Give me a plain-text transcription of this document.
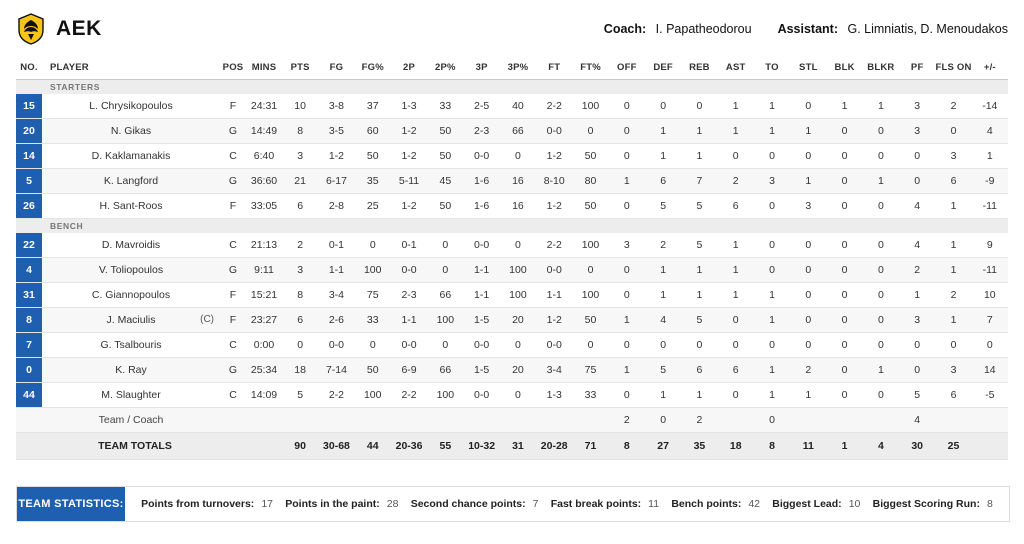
AEK	Coach: I. Papatheodorou Assistant: G. Limniatis, D. Menoudakos
NO.	PLAYER	POS	MINS	PTS	FG	FG%	2P	2P%	3P	3P%	FT	FT%	OFF	DEF	REB	AST	TO	STL	BLK	BLKR	PF	FLS ON	+/-

	STARTERS																						

15	L. Chrysikopoulos	F	24:31	10	3-8	37	1-3	33	2-5	40	2-2	100	0	0	0	1	1	0	1	1	3	2	-14

20	N. Gikas	G	14:49	8	3-5	60	1-2	50	2-3	66	0-0	0	0	1	1	1	1	1	0	0	3	0	4

14	D. Kaklamanakis	C	6:40	3	1-2	50	1-2	50	0-0	0	1-2	50	0	1	1	0	0	0	0	0	0	3	1

5	K. Langford	G	36:60	21	6-17	35	5-11	45	1-6	16	8-10	80	1	6	7	2	3	1	0	1	0	6	-9

26	H. Sant-Roos	F	33:05	6	2-8	25	1-2	50	1-6	16	1-2	50	0	5	5	6	0	3	0	0	4	1	-11

	BENCH																						

22	D. Mavroidis	C	21:13	2	0-1	0	0-1	0	0-0	0	2-2	100	3	2	5	1	0	0	0	0	4	1	9

4	V. Toliopoulos	G	9:11	3	1-1	100	0-0	0	1-1	100	0-0	0	0	1	1	1	0	0	0	0	2	1	-11

31	C. Giannopoulos	F	15:21	8	3-4	75	2-3	66	1-1	100	1-1	100	0	1	1	1	1	0	0	0	1	2	10

8	J. Maciulis (C)	F	23:27	6	2-6	33	1-1	100	1-5	20	1-2	50	1	4	5	0	1	0	0	0	3	1	7

7	G. Tsalbouris	C	0:00	0	0-0	0	0-0	0	0-0	0	0-0	0	0	0	0	0	0	0	0	0	0	0	0

0	K. Ray	G	25:34	18	7-14	50	6-9	66	1-5	20	3-4	75	1	5	6	6	1	2	0	1	0	3	14

44	M. Slaughter	C	14:09	5	2-2	100	2-2	100	0-0	0	1-3	33	0	1	1	0	1	1	0	0	5	6	-5

	Team / Coach												2	0	2		0				4		

	TEAM TOTALS			90	30-68	44	20-36	55	10-32	31	20-28	71	8	27	35	18	8	11	1	4	30	25	
TEAM STATISTICS: Points from turnovers: 17 Points in the paint: 28 Second chance points: 7 Fast break points: 11 Bench points: 42 Biggest Lead: 10 Biggest Scoring Run: 8
